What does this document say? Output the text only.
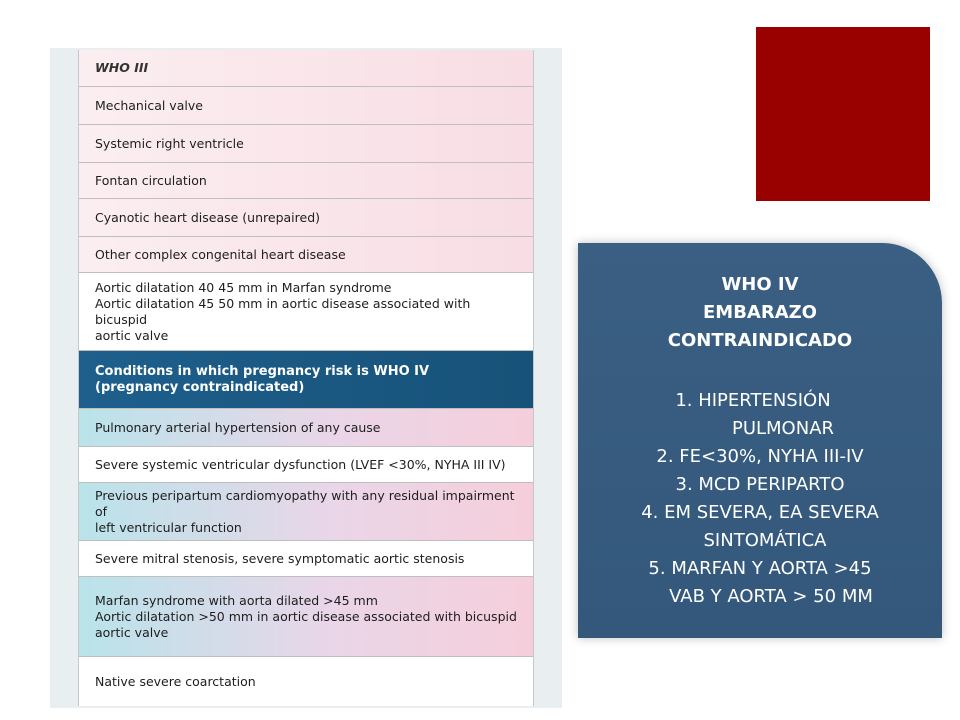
WHO III
Mechanical valve
Systemic right ventricle
Fontan circulation
Cyanotic heart disease (unrepaired)
Other complex congenital heart disease
Aortic dilatation 40 45 mm in Marfan syndrome
Aortic dilatation 45 50 mm in aortic disease associated with bicuspid
aortic valve
Conditions in which pregnancy risk is WHO IV
(pregnancy contraindicated)
Pulmonary arterial hypertension of any cause
Severe systemic ventricular dysfunction (LVEF <30%, NYHA III IV)
Previous peripartum cardiomyopathy with any residual impairment of
left ventricular function
Severe mitral stenosis, severe symptomatic aortic stenosis
Marfan syndrome with aorta dilated >45 mm
Aortic dilatation >50 mm in aortic disease associated with bicuspid
aortic valve
Native severe coarctation
WHO IV
EMBARAZO
CONTRAINDICADO
1. HIPERTENSIÓN
PULMONAR
2. FE<30%, NYHA III-IV
3. MCD PERIPARTO
4. EM SEVERA, EA SEVERA
SINTOMÁTICA
5. MARFAN Y AORTA >45
VAB Y AORTA > 50 MM
